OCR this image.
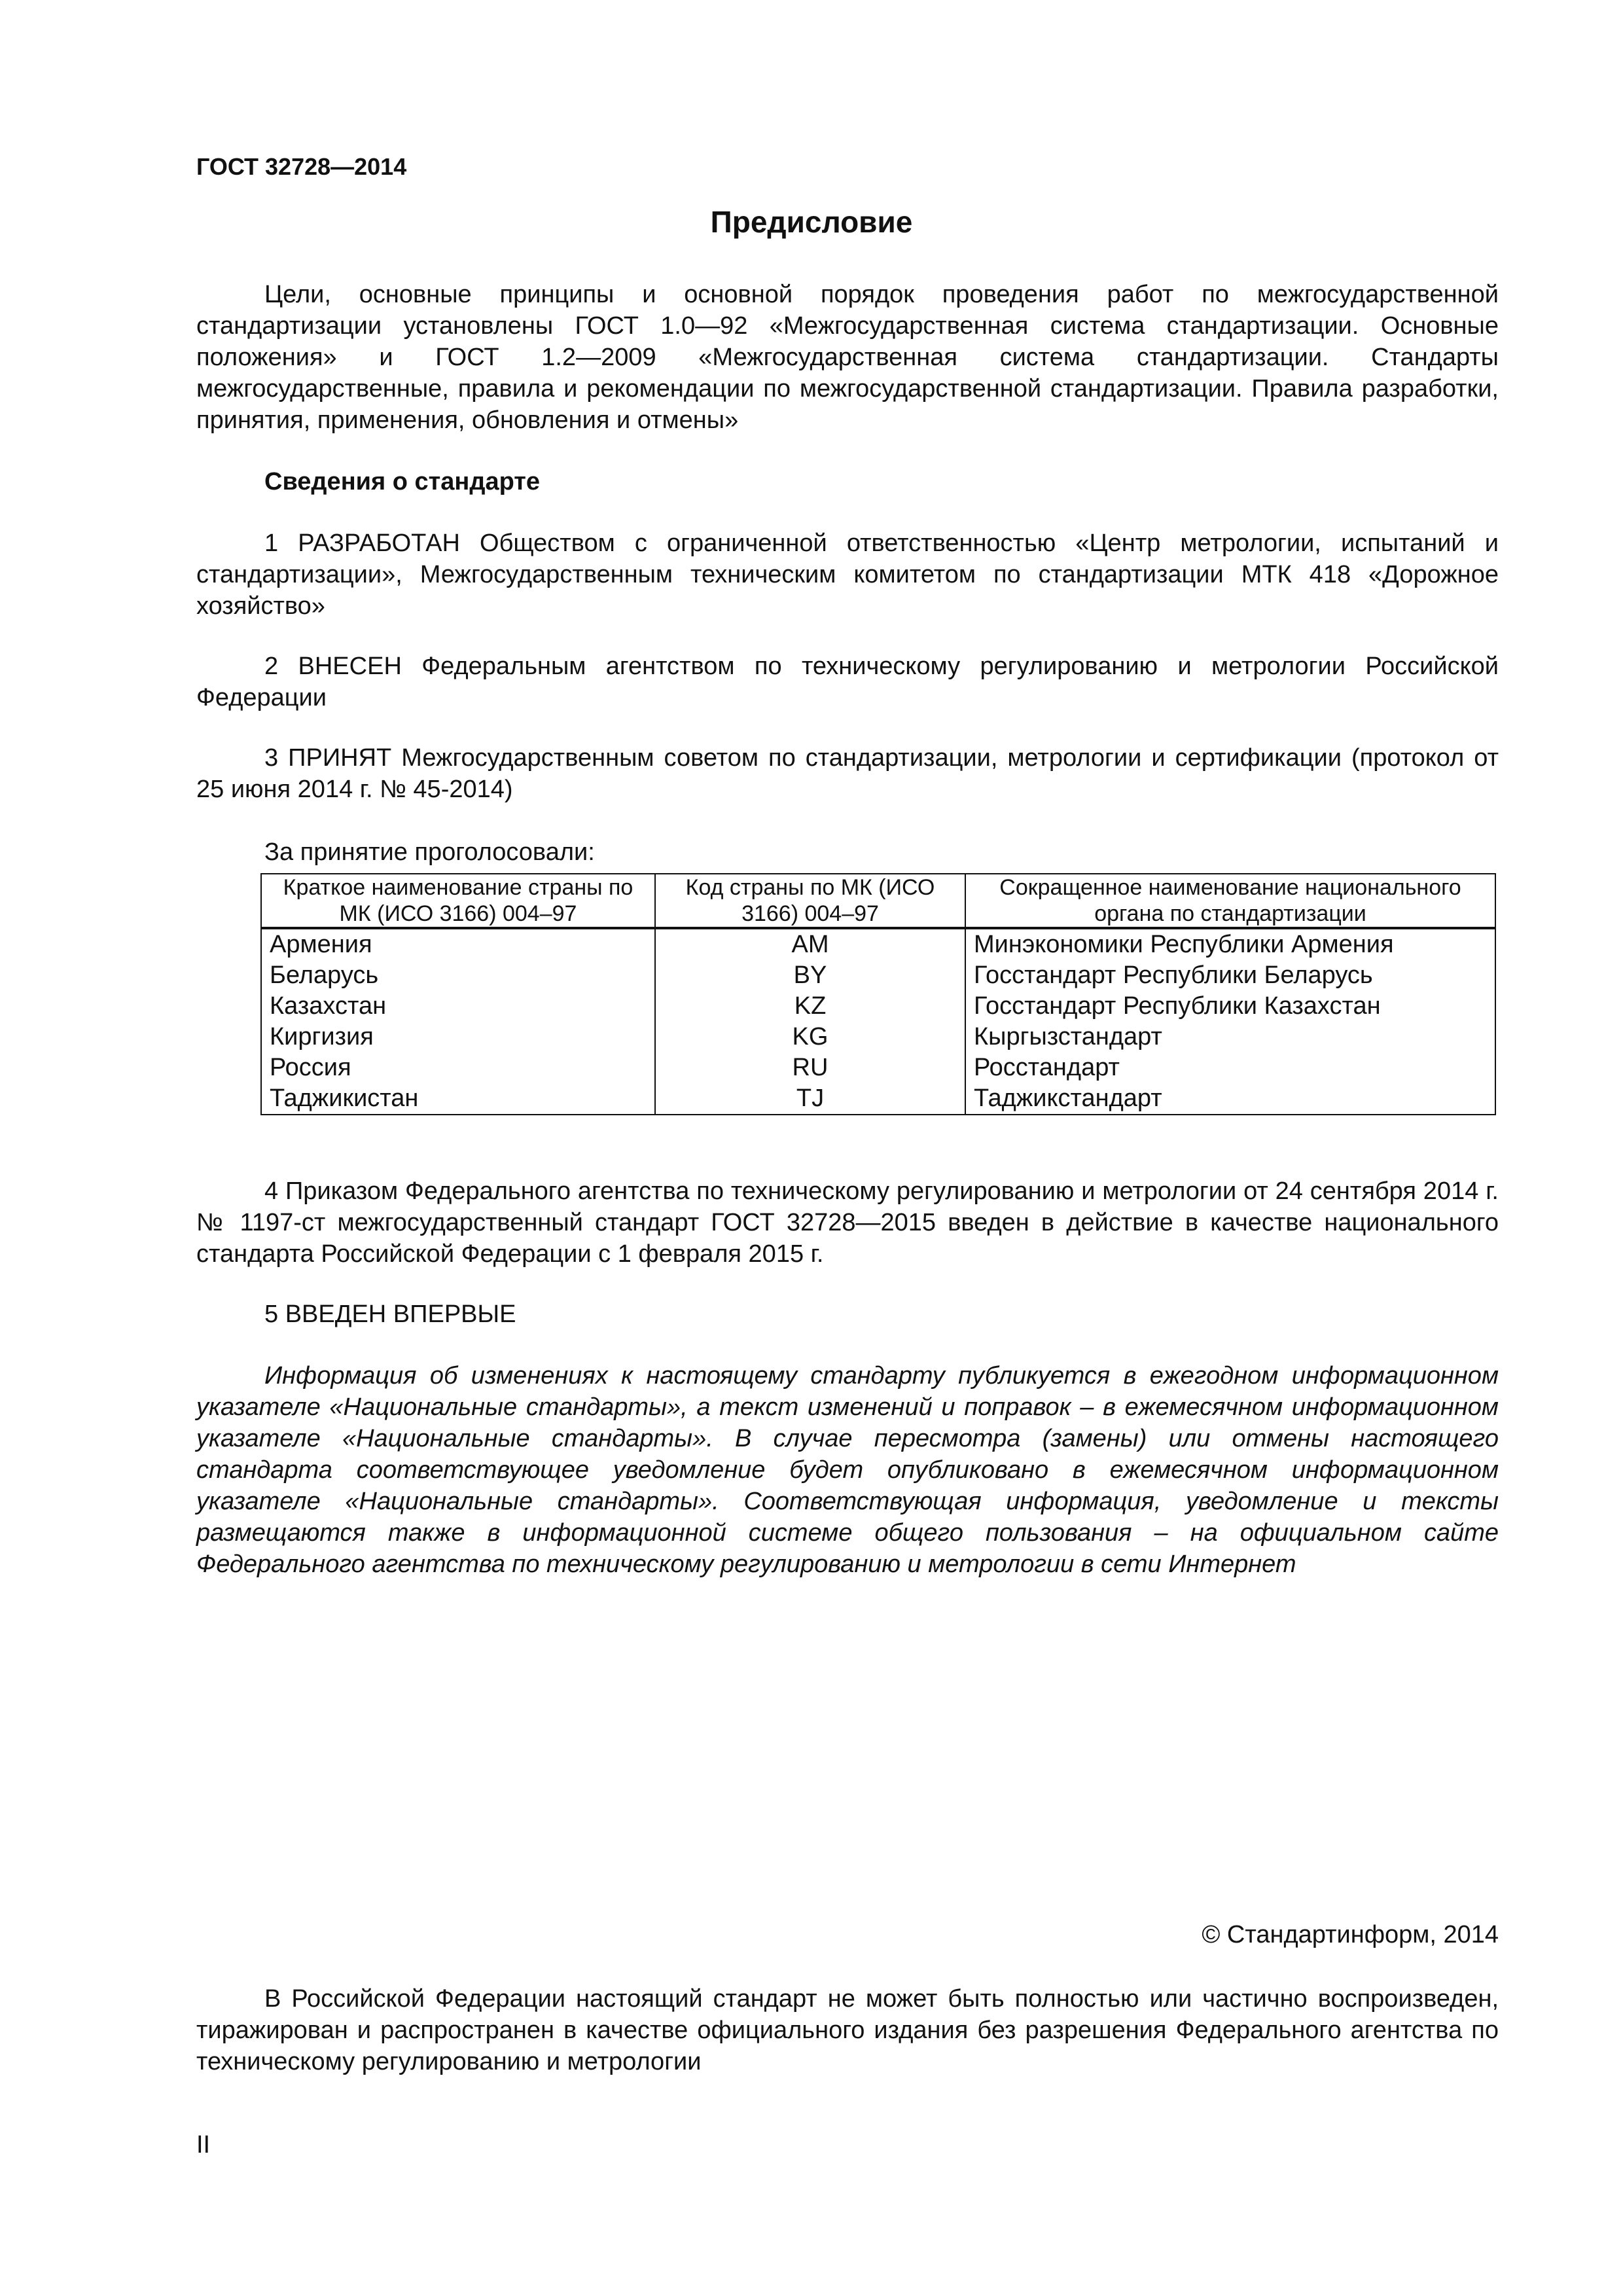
ГОСТ 32728—2014
Предисловие

Цели, основные принципы и основной порядок проведения работ по межгосударственной стандартизации установлены ГОСТ 1.0—92 «Межгосударственная система стандартизации. Основные положения» и ГОСТ 1.2—2009 «Межгосударственная система стандартизации. Стандарты межгосударственные, правила и рекомендации по межгосударственной стандартизации. Правила разработки, принятия, применения, обновления и отмены»

Сведения о стандарте

1 РАЗРАБОТАН Обществом с ограниченной ответственностью «Центр метрологии, испытаний и стандартизации», Межгосударственным техническим комитетом по стандартизации МТК 418 «Дорожное хозяйство»

2 ВНЕСЕН Федеральным агентством по техническому регулированию и метрологии Российской Федерации

3 ПРИНЯТ Межгосударственным советом по стандартизации, метрологии и сертификации (протокол от 25 июня 2014 г. № 45-2014)

За принятие проголосовали:
Краткое наименование страны по МК (ИСО 3166) 004–97	Код страны по МК (ИСО 3166) 004–97	Сокращенное наименование национального органа по стандартизации
Армения	AM	Минэкономики Республики Армения
Беларусь	BY	Госстандарт Республики Беларусь
Казахстан	KZ	Госстандарт Республики Казахстан
Киргизия	KG	Кыргызстандарт
Россия	RU	Росстандарт
Таджикистан	TJ	Таджикстандарт

4 Приказом Федерального агентства по техническому регулированию и метрологии от 24 сентября 2014 г. № 1197-ст межгосударственный стандарт ГОСТ 32728—2015 введен в действие в качестве национального стандарта Российской Федерации с 1 февраля 2015 г.

5 ВВЕДЕН ВПЕРВЫЕ

Информация об изменениях к настоящему стандарту публикуется в ежегодном информационном указателе «Национальные стандарты», а текст изменений и поправок – в ежемесячном информационном указателе «Национальные стандарты». В случае пересмотра (замены) или отмены настоящего стандарта соответствующее уведомление будет опубликовано в ежемесячном информационном указателе «Национальные стандарты». Соответствующая информация, уведомление и тексты размещаются также в информационной системе общего пользования – на официальном сайте Федерального агентства по техническому регулированию и метрологии в сети Интернет

© Стандартинформ, 2014

В Российской Федерации настоящий стандарт не может быть полностью или частично воспроизведен, тиражирован и распространен в качестве официального издания без разрешения Федерального агентства по техническому регулированию и метрологии

II
